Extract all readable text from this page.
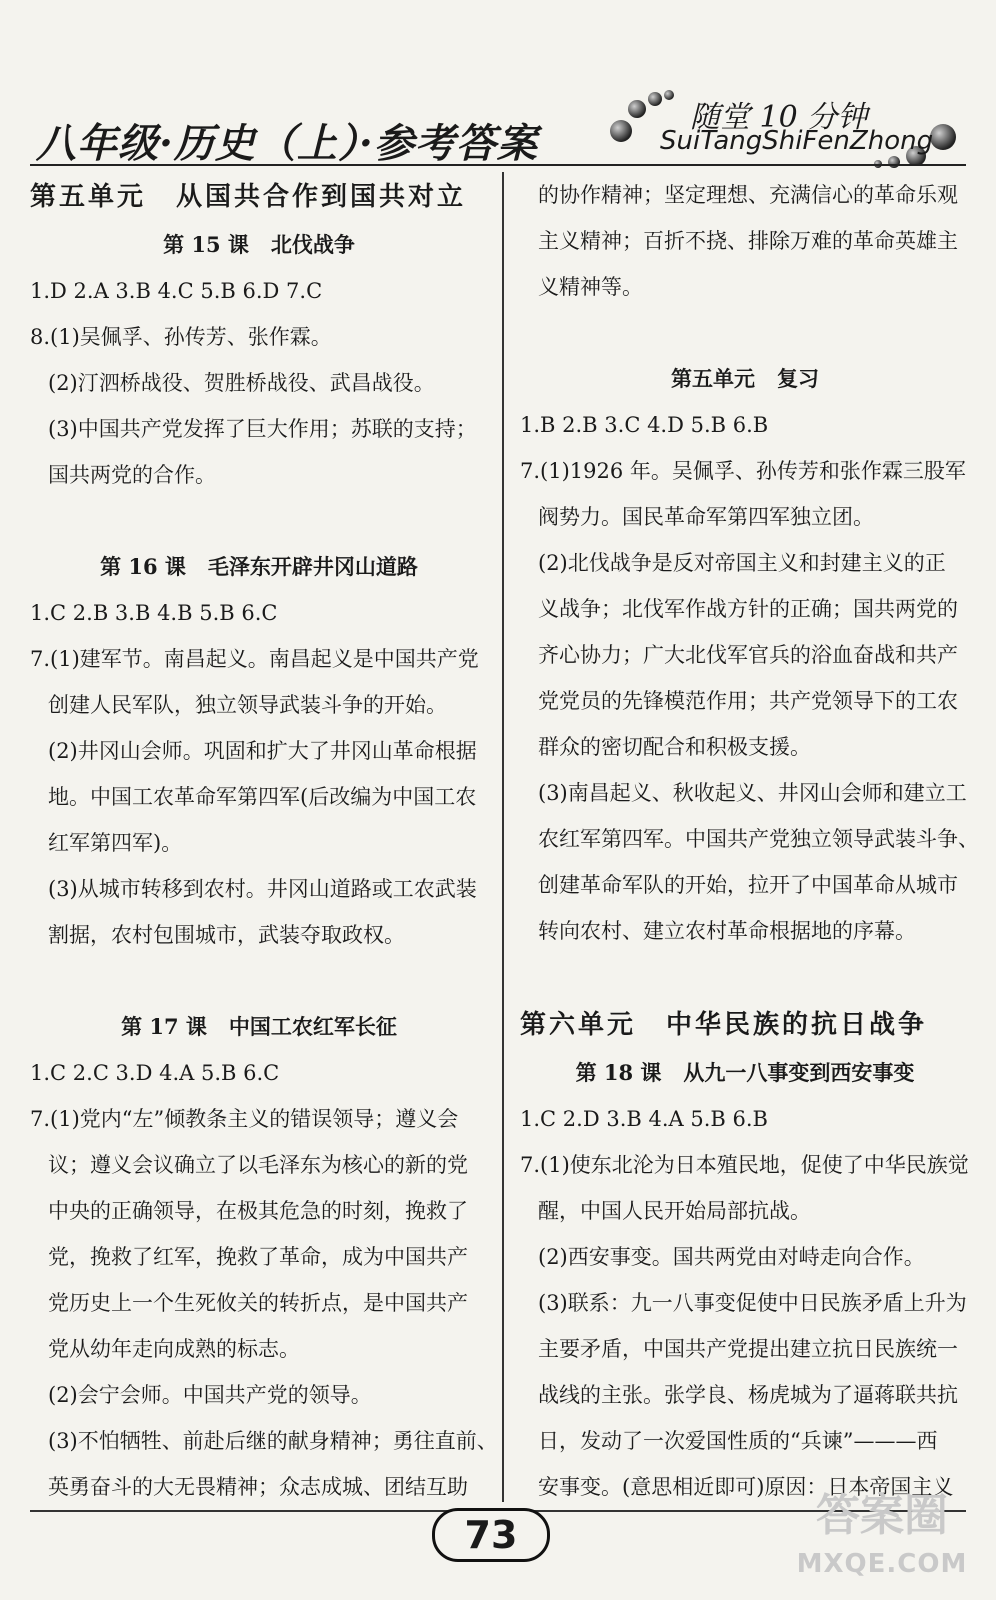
八年级·历史（上）·参考答案
随堂 10 分钟
SuiTangShiFenZhong
第五单元 从国共合作到国共对立
第 15 课 北伐战争
1.D 2.A 3.B 4.C 5.B 6.D 7.C
8.(1)吴佩孚、孙传芳、张作霖。
(2)汀泗桥战役、贺胜桥战役、武昌战役。
(3)中国共产党发挥了巨大作用；苏联的支持；
国共两党的合作。
第 16 课 毛泽东开辟井冈山道路
1.C 2.B 3.B 4.B 5.B 6.C
7.(1)建军节。南昌起义。南昌起义是中国共产党
创建人民军队，独立领导武装斗争的开始。
(2)井冈山会师。巩固和扩大了井冈山革命根据
地。中国工农革命军第四军(后改编为中国工农
红军第四军)。
(3)从城市转移到农村。井冈山道路或工农武装
割据，农村包围城市，武装夺取政权。
第 17 课 中国工农红军长征
1.C 2.C 3.D 4.A 5.B 6.C
7.(1)党内“左”倾教条主义的错误领导；遵义会
议；遵义会议确立了以毛泽东为核心的新的党
中央的正确领导，在极其危急的时刻，挽救了
党，挽救了红军，挽救了革命，成为中国共产
党历史上一个生死攸关的转折点，是中国共产
党从幼年走向成熟的标志。
(2)会宁会师。中国共产党的领导。
(3)不怕牺牲、前赴后继的献身精神；勇往直前、
英勇奋斗的大无畏精神；众志成城、团结互助
的协作精神；坚定理想、充满信心的革命乐观
主义精神；百折不挠、排除万难的革命英雄主
义精神等。
第五单元 复习
1.B 2.B 3.C 4.D 5.B 6.B
7.(1)1926 年。吴佩孚、孙传芳和张作霖三股军
阀势力。国民革命军第四军独立团。
(2)北伐战争是反对帝国主义和封建主义的正
义战争；北伐军作战方针的正确；国共两党的
齐心协力；广大北伐军官兵的浴血奋战和共产
党党员的先锋模范作用；共产党领导下的工农
群众的密切配合和积极支援。
(3)南昌起义、秋收起义、井冈山会师和建立工
农红军第四军。中国共产党独立领导武装斗争、
创建革命军队的开始，拉开了中国革命从城市
转向农村、建立农村革命根据地的序幕。
第六单元 中华民族的抗日战争
第 18 课 从九一八事变到西安事变
1.C 2.D 3.B 4.A 5.B 6.B
7.(1)使东北沦为日本殖民地，促使了中华民族觉
醒，中国人民开始局部抗战。
(2)西安事变。国共两党由对峙走向合作。
(3)联系：九一八事变促使中日民族矛盾上升为
主要矛盾，中国共产党提出建立抗日民族统一
战线的主张。张学良、杨虎城为了逼蒋联共抗
日，发动了一次爱国性质的“兵谏”———西
安事变。(意思相近即可)原因：日本帝国主义
73	答案圈
MXQE.COM
